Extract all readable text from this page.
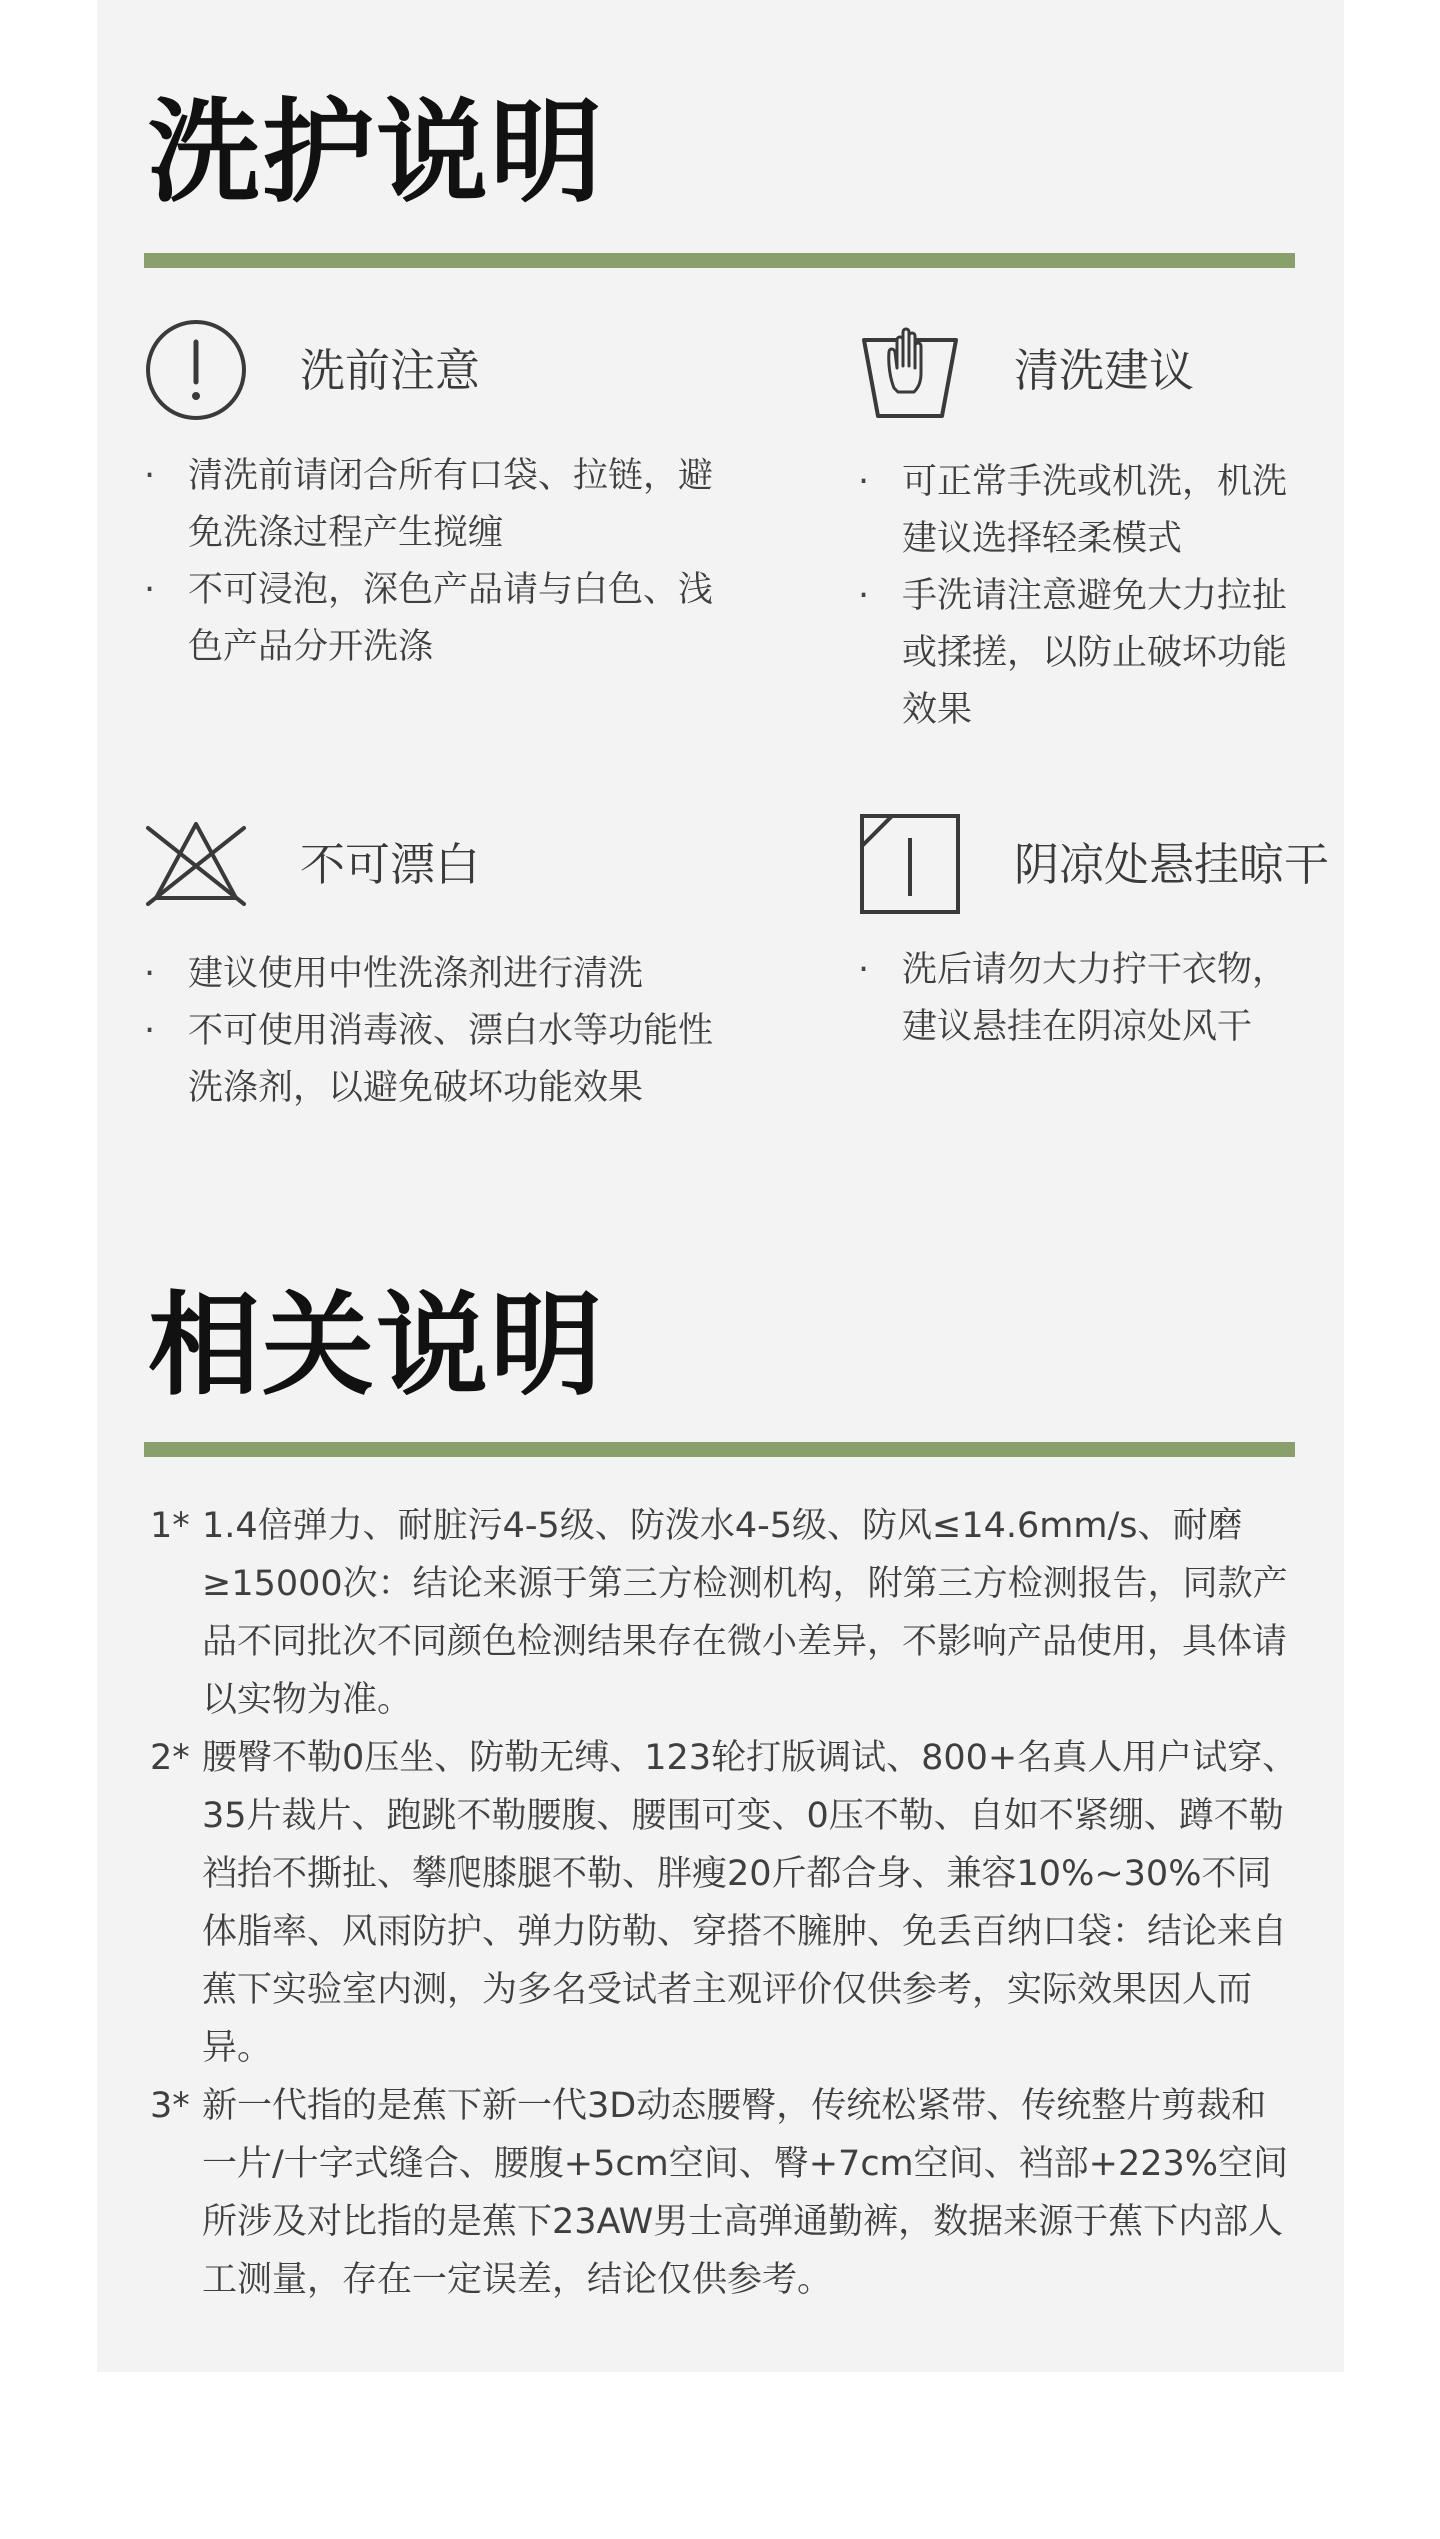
洗护说明
洗前注意
· 清洗前请闭合所有口袋、拉链，避免洗涤过程产生搅缠
· 不可浸泡，深色产品请与白色、浅色产品分开洗涤
清洗建议
· 可正常手洗或机洗，机洗建议选择轻柔模式
· 手洗请注意避免大力拉扯或揉搓，以防止破坏功能效果
不可漂白
· 建议使用中性洗涤剂进行清洗
· 不可使用消毒液、漂白水等功能性洗涤剂，以避免破坏功能效果
阴凉处悬挂晾干
· 洗后请勿大力拧干衣物，建议悬挂在阴凉处风干
相关说明
1* 1.4倍弹力、耐脏污4-5级、防泼水4-5级、防风≤14.6mm/s、耐磨≥15000次：结论来源于第三方检测机构，附第三方检测报告，同款产品不同批次不同颜色检测结果存在微小差异，不影响产品使用，具体请以实物为准。
2* 腰臀不勒0压坐、防勒无缚、123轮打版调试、800+名真人用户试穿、35片裁片、跑跳不勒腰腹、腰围可变、0压不勒、自如不紧绷、蹲不勒裆抬不撕扯、攀爬膝腿不勒、胖瘦20斤都合身、兼容10%~30%不同体脂率、风雨防护、弹力防勒、穿搭不臃肿、免丢百纳口袋：结论来自蕉下实验室内测，为多名受试者主观评价仅供参考，实际效果因人而异。
3* 新一代指的是蕉下新一代3D动态腰臀，传统松紧带、传统整片剪裁和一片/十字式缝合、腰腹+5cm空间、臀+7cm空间、裆部+223%空间所涉及对比指的是蕉下23AW男士高弹通勤裤，数据来源于蕉下内部人工测量，存在一定误差，结论仅供参考。
